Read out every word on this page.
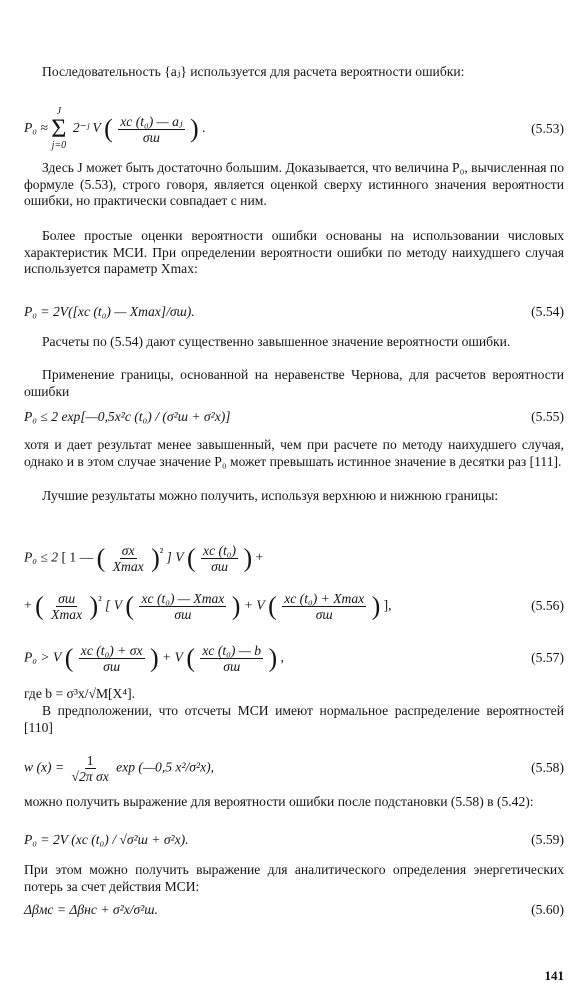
Последовательность {aⱼ} используется для расчета вероятности ошибки:

P₀ ≈
J
Σ
j=0
2⁻ʲ V ( $\frac{\text{xc (t₀) — aⱼ}}{\sigma ш}$ ) .	(5.53)

Здесь J может быть достаточно большим. Доказывается, что величина P₀, вычисленная по формуле (5.53), строго говоря, является оценкой сверху истинного значения вероятности ошибки, но практически совпадает с ним.

Более простые оценки вероятности ошибки основаны на использовании числовых характеристик МСИ. При определении вероятности ошибки по методу наихудшего случая используется параметр Xmax:

P₀ = 2V([xc (t₀) — Xmax]/σш).	(5.54)

Расчеты по (5.54) дают существенно завышенное значение вероятности ошибки.

Применение границы, основанной на неравенстве Чернова, для расчетов вероятности ошибки

P₀ ≤ 2 exp[—0,5x²c (t₀) / (σ²ш + σ²x)]	(5.55)

хотя и дает результат менее завышенный, чем при расчете по методу наихудшего случая, однако и в этом случае значение P₀ может превышать истинное значение в десятки раз [111].

Лучшие результаты можно получить, используя верхнюю и нижнюю границы:

P₀ ≤ 2 [ 1 — ( $\frac{\sigma x}{Xmax} )^{^2}$ ] V ( $\frac{\text{xc (t₀)}}{\sigma ш}$ ) +
+ ( $\frac{\sigma ш}{Xmax} )^{^2}$ [ V ( $\frac{\text{xc (t₀) — Xmax}}{\sigma ш}$ ) + V ( $\frac{\text{xc (t₀) + Xmax}}{\sigma ш}$ ) ],	(5.56)
P₀ > V ( $\frac{\text{xc (t₀) + σx}}{\sigma ш}$ ) + V ( $\frac{\text{xc (t₀) — b}}{\sigma ш}$ ) ,	(5.57)

где b = σ³x/√M[X⁴].

В предположении, что отсчеты МСИ имеют нормальное распределение вероятностей [110]

w $(x) = \frac{1}{\text{√2π σx}}$ exp (—0,5 x²/σ²x),	(5.58)

можно получить выражение для вероятности ошибки после подстановки (5.58) в (5.42):

P₀ = 2V (xc (t₀) / √σ²ш + σ²x).	(5.59)

При этом можно получить выражение для аналитического определения энергетических потерь за счет действия МСИ:

Δβмс = Δβнс + σ²x/σ²ш.	(5.60)
141
